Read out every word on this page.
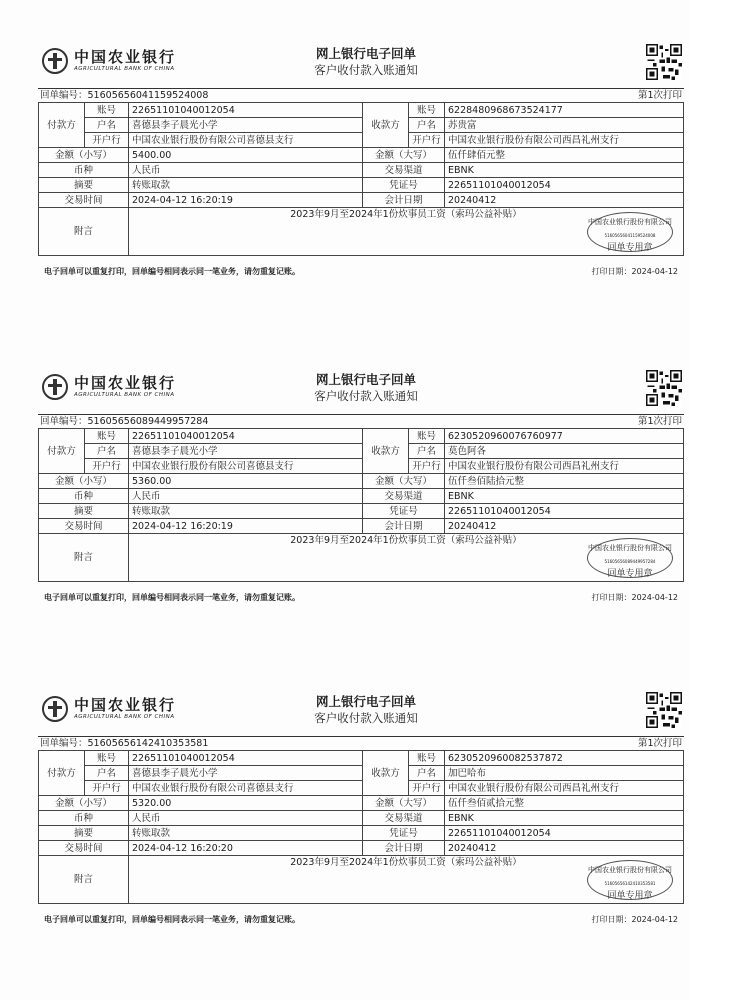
中国农业银行
AGRICULTURAL BANK OF CHINA
网上银行电子回单
客户收付款入账通知
回单编号：51605656041159524008	第1次打印
付款方	账号	22651101040012054	收款方	账号	6228480968673524177
	户名	喜德县李子晨光小学		户名	苏贵富
	开户行	中国农业银行股份有限公司喜德县支行		开户行	中国农业银行股份有限公司西昌礼州支行
金额（小写）		5400.00	金额（大写）		伍仟肆佰元整
币种		人民币	交易渠道		EBNK
摘要		转账取款	凭证号		22651101040012054
交易时间		2024-04-12 16:20:19	会计日期		20240412
附言		2023年9月至2024年1份炊事员工资（索玛公益补贴）
中国农业银行股份有限公司
51605656041159524008
回单专用章			
电子回单可以重复打印，回单编号相同表示同一笔业务，请勿重复记账。	打印日期：2024-04-12
中国农业银行
AGRICULTURAL BANK OF CHINA
网上银行电子回单
客户收付款入账通知
回单编号：51605656089449957284	第1次打印
付款方	账号	22651101040012054	收款方	账号	6230520960076760977
	户名	喜德县李子晨光小学		户名	莫色阿各
	开户行	中国农业银行股份有限公司喜德县支行		开户行	中国农业银行股份有限公司西昌礼州支行
金额（小写）		5360.00	金额（大写）		伍仟叁佰陆拾元整
币种		人民币	交易渠道		EBNK
摘要		转账取款	凭证号		22651101040012054
交易时间		2024-04-12 16:20:19	会计日期		20240412
附言		2023年9月至2024年1份炊事员工资（索玛公益补贴）
中国农业银行股份有限公司
51605656089449957284
回单专用章			
电子回单可以重复打印，回单编号相同表示同一笔业务，请勿重复记账。	打印日期：2024-04-12
中国农业银行
AGRICULTURAL BANK OF CHINA
网上银行电子回单
客户收付款入账通知
回单编号：51605656142410353581	第1次打印
付款方	账号	22651101040012054	收款方	账号	6230520960082537872
	户名	喜德县李子晨光小学		户名	加巴哈布
	开户行	中国农业银行股份有限公司喜德县支行		开户行	中国农业银行股份有限公司西昌礼州支行
金额（小写）		5320.00	金额（大写）		伍仟叁佰贰拾元整
币种		人民币	交易渠道		EBNK
摘要		转账取款	凭证号		22651101040012054
交易时间		2024-04-12 16:20:20	会计日期		20240412
附言		2023年9月至2024年1份炊事员工资（索玛公益补贴）
中国农业银行股份有限公司
51605656142410353581
回单专用章			
电子回单可以重复打印，回单编号相同表示同一笔业务，请勿重复记账。	打印日期：2024-04-12
